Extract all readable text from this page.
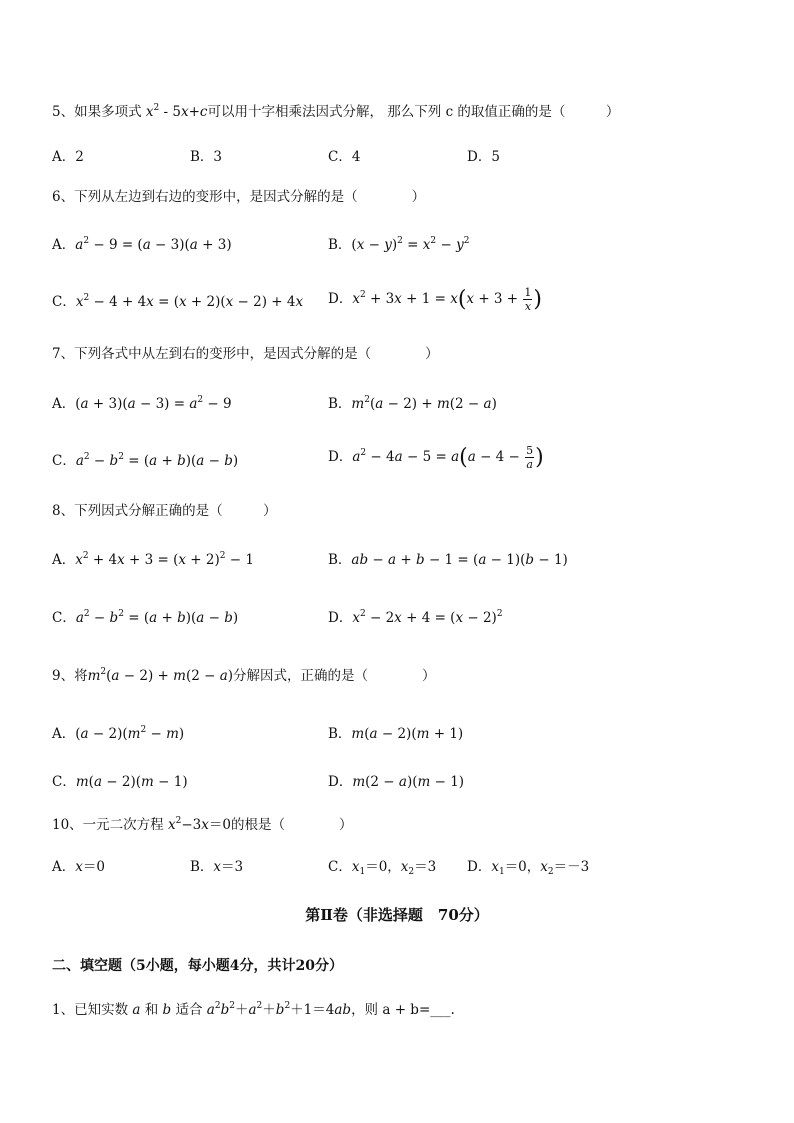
5、如果多项式 $x^2 - 5x+c$可以用十字相乘法因式分解， 那么下列 c 的取值正确的是（　　　）
A．2	B．3	C．4	D．5
6、下列从左边到右边的变形中，是因式分解的是（　　　　）
A．$a^2 - 9 = (a - 3)(a + 3)$	B．$(x - y)^2 = x^2 - y^2$
C．$x^2 - 4 + 4x = (x + 2)(x - 2) + 4x$ D．$x^2 + 3x + 1 = x(x + 3 + \frac{1}{x}$ )
7、下列各式中从左到右的变形中，是因式分解的是（　　　　）
A．$(a + 3)(a - 3) = a^2 - 9$	B．$m^2(a - 2) + m(2 - a)$
C．$a^2 - b^2 = (a + b)(a - b)$	D．$a^2 - 4a - 5 = a(a - 4 - \frac{5}{a}$ )
8、下列因式分解正确的是（　　　）
A．$x^2 + 4x + 3 = (x + 2)^2 - 1$	B．ab − a + b − 1 = (a − 1)(b − 1)
C．$a^2 - b^2 = (a + b)(a - b)$	D．$x^2 - 2x + 4 = (x - 2)^2$
9、将$m^2(a - 2) + m(2 - a)$分解因式，正确的是（　　　　）
A．$(a - 2)(m^2 - m)$	B．m(a − 2)(m + 1)
C．m(a − 2)(m − 1)	D．m(2 − a)(m − 1)
10、一元二次方程 $x^2-3x=0$的根是（　　　　）
A．x＝0	B．x＝3	C．$x_1=0$，$x_2=3$ D．$x_1=0$，$x_2=-3$
第Ⅱ卷（非选择题　70分）
二、填空题（5小题，每小题4分，共计20分）
1、已知实数 a 和 b 适合 $a^2b^2+a^2+b^2+1=4ab$，则 a + b=___.
